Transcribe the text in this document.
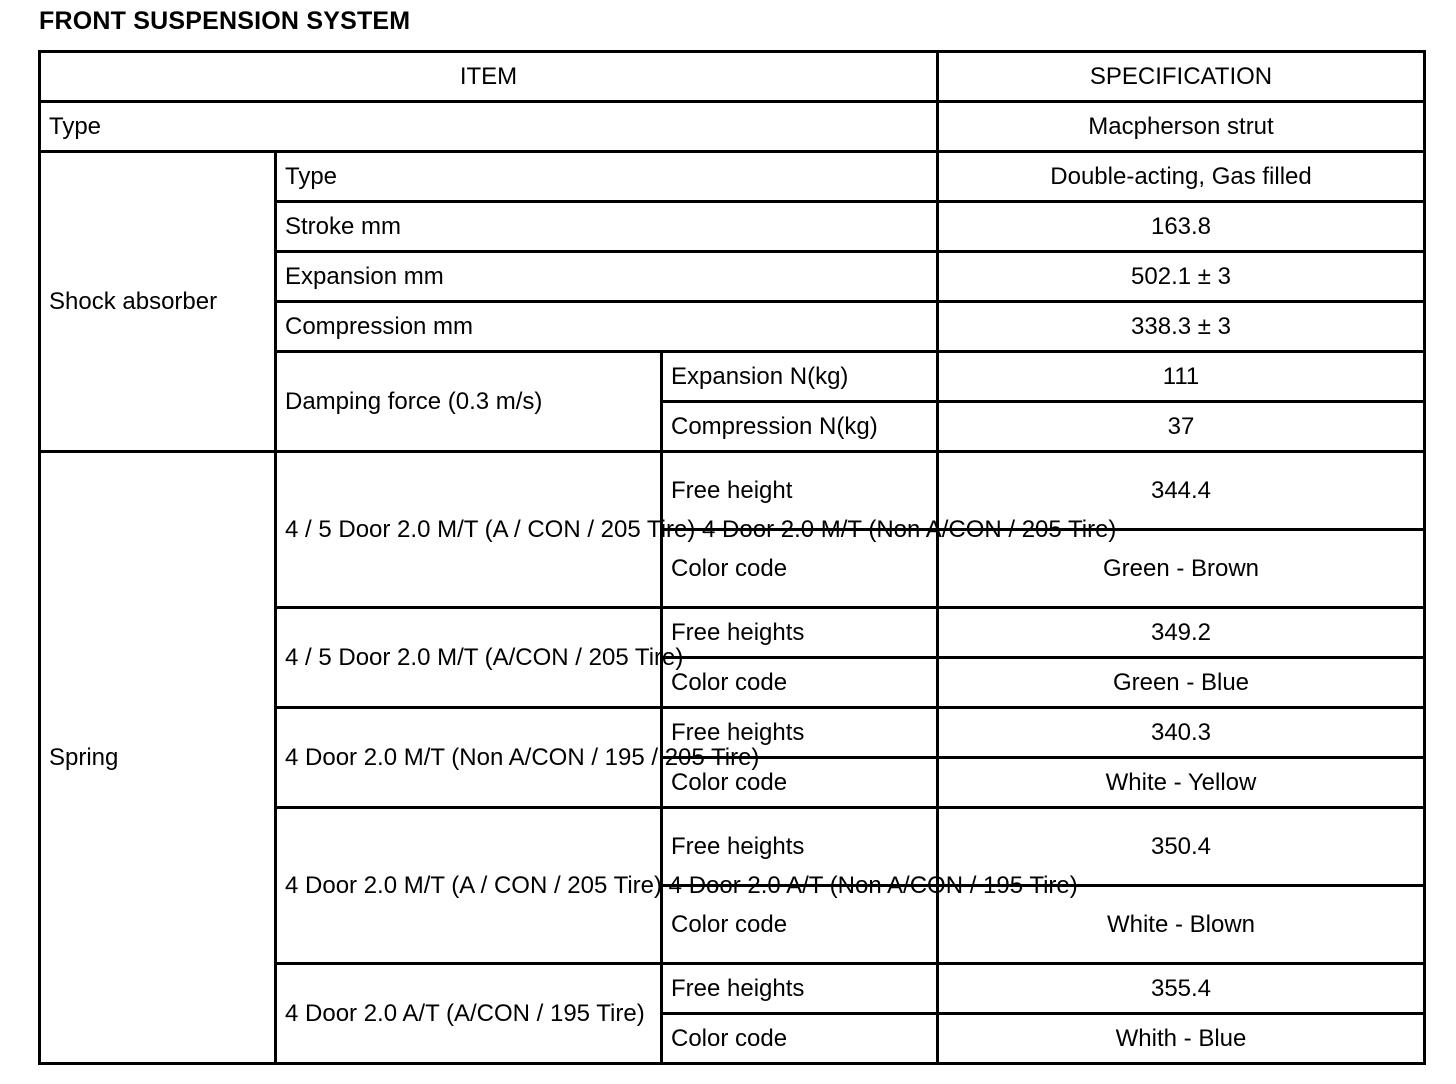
FRONT SUSPENSION SYSTEM
ITEM			SPECIFICATION
Type			Macpherson strut
Shock absorber	Type		Double-acting, Gas filled
	Stroke mm		163.8
	Expansion mm		502.1 ± 3
	Compression mm		338.3 ± 3
	Damping force (0.3 m/s)	Expansion N(kg)	111
		Compression N(kg)	37
Spring	4 / 5 Door 2.0 M/T (A / CON / 205 Tire) 4 Door 2.0 M/T (Non A/CON / 205 Tire)	Free height	344.4
		Color code	Green - Brown
	4 / 5 Door 2.0 M/T (A/CON / 205 Tire)	Free heights	349.2
		Color code	Green - Blue
	4 Door 2.0 M/T (Non A/CON / 195 / 205 Tire)	Free heights	340.3
		Color code	White - Yellow
	4 Door 2.0 M/T (A / CON / 205 Tire) 4 Door 2.0 A/T (Non A/CON / 195 Tire)	Free heights	350.4
		Color code	White - Blown
	4 Door 2.0 A/T (A/CON / 195 Tire)	Free heights	355.4
		Color code	Whith - Blue
